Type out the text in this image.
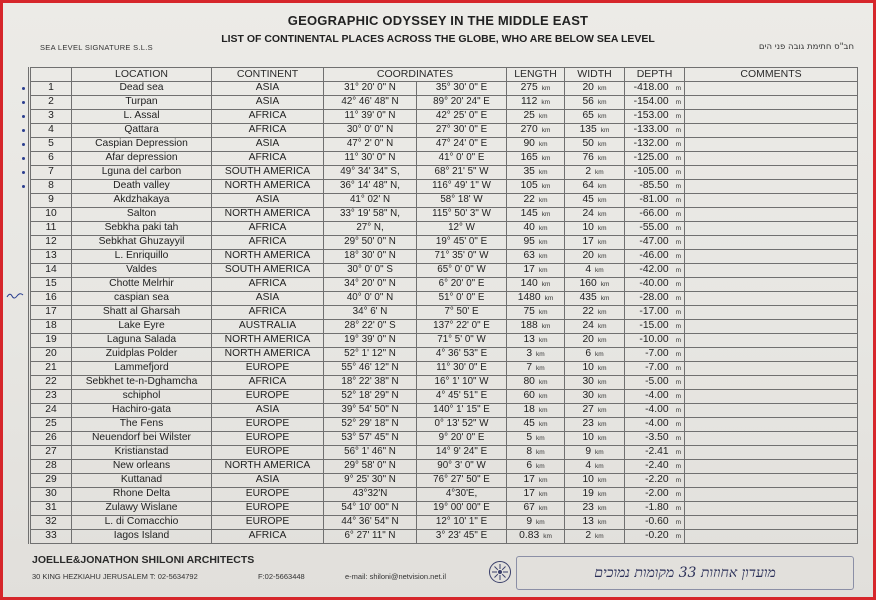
GEOGRAPHIC ODYSSEY IN THE MIDDLE EAST
LIST OF CONTINENTAL PLACES ACROSS THE GLOBE, WHO ARE BELOW SEA LEVEL
SEA LEVEL SIGNATURE S.L.S	חב"ס חתימת גובה פני הים
	LOCATION	CONTINENT	COORDINATES		LENGTH	WIDTH	DEPTH	COMMENTS
1	Dead sea	ASIA	31° 20' 0" N	35° 30' 0" E	275 km	20 km	-418.00 m	
2	Turpan	ASIA	42° 46' 48" N	89° 20' 24" E	112 km	56 km	-154.00 m	
3	L. Assal	AFRICA	11° 39' 0" N	42° 25' 0" E	25 km	65 km	-153.00 m	
4	Qattara	AFRICA	30° 0' 0" N	27° 30' 0" E	270 km	135 km	-133.00 m	
5	Caspian Depression	ASIA	47° 2' 0" N	47° 24' 0" E	90 km	50 km	-132.00 m	
6	Afar depression	AFRICA	11° 30' 0" N	41° 0' 0" E	165 km	76 km	-125.00 m	
7	Lguna del carbon	SOUTH AMERICA	49° 34' 34" S,	68° 21' 5" W	35 km	2 km	-105.00 m	
8	Death valley	NORTH AMERICA	36° 14' 48" N,	116° 49' 1" W	105 km	64 km	-85.50 m	
9	Akdzhakaya	ASIA	41° 02' N	58° 18' W	22 km	45 km	-81.00 m	
10	Salton	NORTH AMERICA	33° 19' 58" N,	115° 50' 3" W	145 km	24 km	-66.00 m	
11	Sebkha paki tah	AFRICA	27° N,	12° W	40 km	10 km	-55.00 m	
12	Sebkhat Ghuzayyil	AFRICA	29° 50' 0" N	19° 45' 0" E	95 km	17 km	-47.00 m	
13	L. Enriquillo	NORTH AMERICA	18° 30' 0" N	71° 35' 0" W	63 km	20 km	-46.00 m	
14	Valdes	SOUTH AMERICA	30° 0' 0" S	65° 0' 0" W	17 km	4 km	-42.00 m	
15	Chotte Melrhir	AFRICA	34° 20' 0" N	6° 20' 0" E	140 km	160 km	-40.00 m	
16	caspian sea	ASIA	40° 0' 0" N	51° 0' 0" E	1480 km	435 km	-28.00 m	
17	Shatt al Gharsah	AFRICA	34° 6' N	7° 50' E	75 km	22 km	-17.00 m	
18	Lake Eyre	AUSTRALIA	28° 22' 0" S	137° 22' 0" E	188 km	24 km	-15.00 m	
19	Laguna Salada	NORTH AMERICA	19° 39' 0" N	71° 5' 0" W	13 km	20 km	-10.00 m	
20	Zuidplas Polder	NORTH AMERICA	52° 1' 12" N	4° 36' 53" E	3 km	6 km	-7.00 m	
21	Lammefjord	EUROPE	55° 46' 12" N	11° 30' 0" E	7 km	10 km	-7.00 m	
22	Sebkhet te-n-Dghamcha	AFRICA	18° 22' 38" N	16° 1' 10" W	80 km	30 km	-5.00 m	
23	schiphol	EUROPE	52° 18' 29" N	4° 45' 51" E	60 km	30 km	-4.00 m	
24	Hachiro-gata	ASIA	39° 54' 50" N	140° 1' 15" E	18 km	27 km	-4.00 m	
25	The Fens	EUROPE	52° 29' 18" N	0° 13' 52" W	45 km	23 km	-4.00 m	
26	Neuendorf bei Wilster	EUROPE	53° 57' 45" N	9° 20' 0" E	5 km	10 km	-3.50 m	
27	Kristianstad	EUROPE	56° 1' 46" N	14° 9' 24" E	8 km	9 km	-2.41 m	
28	New orleans	NORTH AMERICA	29° 58' 0" N	90° 3' 0" W	6 km	4 km	-2.40 m	
29	Kuttanad	ASIA	9° 25' 30" N	76° 27' 50" E	17 km	10 km	-2.20 m	
30	Rhone Delta	EUROPE	43°32'N	4°30'E,	17 km	19 km	-2.00 m	
31	Zulawy Wislane	EUROPE	54° 10' 00" N	19° 00' 00" E	67 km	23 km	-1.80 m	
32	L. di Comacchio	EUROPE	44° 36' 54" N	12° 10' 1" E	9 km	13 km	-0.60 m	
33	Iagos Island	AFRICA	6° 27' 11" N	3° 23' 45" E	0.83 km	2 km	-0.20 m	
JOELLE&JONATHON SHILONI ARCHITECTS
30 KING HEZKIAHU JERUSALEM T: 02-5634792	F:02-5663448	e-mail: shiloni@netvision.net.il	מועדון אחוזות 33 מקומות נמוכים
